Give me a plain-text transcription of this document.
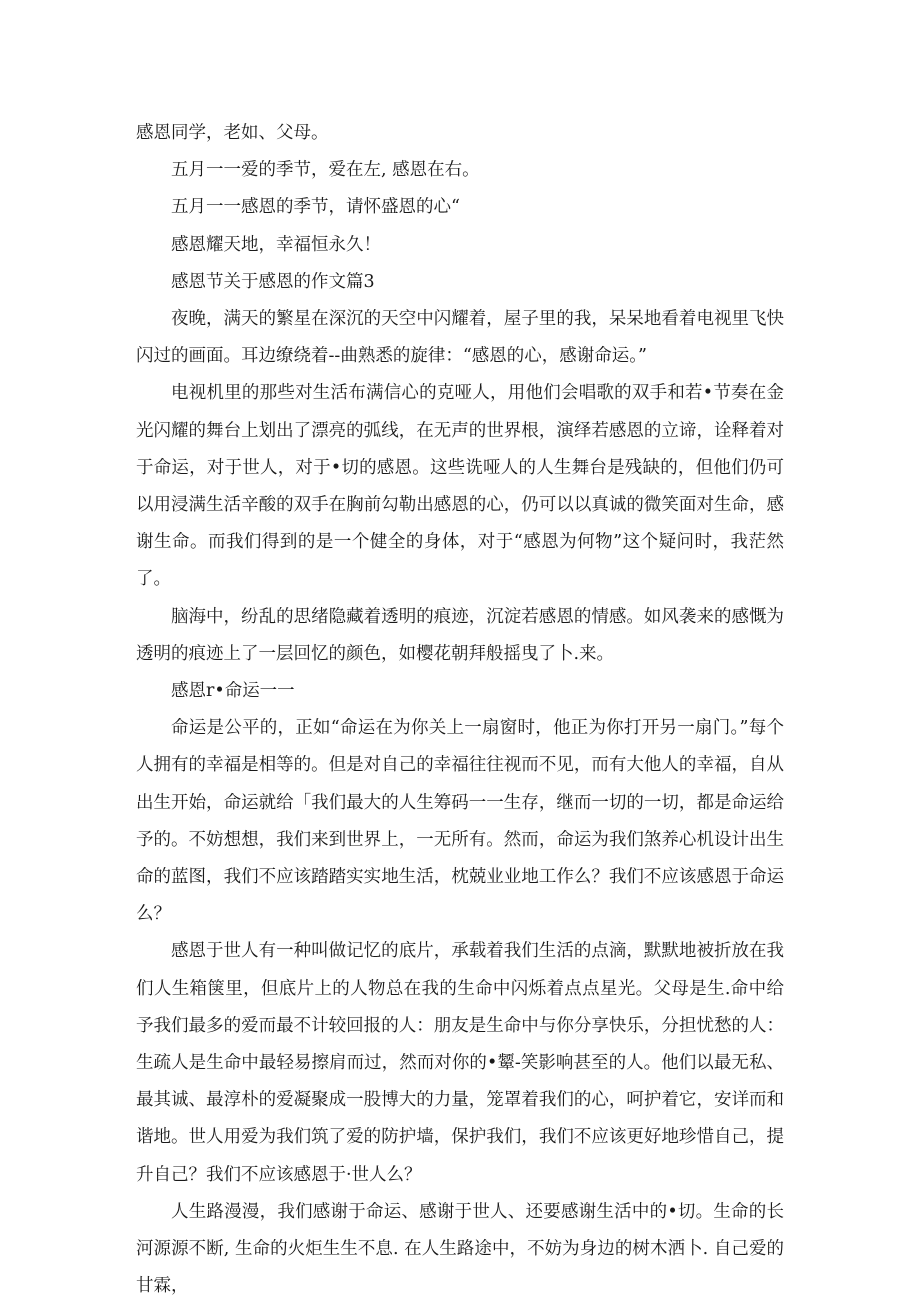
感恩同学，老如、父母。

五月一一爱的季节，爱在左, 感恩在右。

五月一一感恩的季节，请怀盛恩的心“

感恩耀天地，幸福恒永久！

感恩节关于感恩的作文篇3

夜晚，满天的繁星在深沉的天空中闪耀着，屋子里的我，呆呆地看着电视里飞快闪过的画面。耳边缭绕着--曲熟悉的旋律：“感恩的心，感谢命运。”

电视机里的那些对生活布满信心的克哑人，用他们会唱歌的双手和若•节奏在金光闪耀的舞台上划出了漂亮的弧线，在无声的世界根，演绎若感恩的立谛，诠释着对于命运，对于世人，对于•切的感恩。这些诜哑人的人生舞台是残缺的，但他们仍可以用浸满生活辛酸的双手在胸前勾勒出感恩的心，仍可以以真诚的微笑面对生命，感谢生命。而我们得到的是一个健全的身体，对于“感恩为何物”这个疑问时，我茫然了。

脑海中，纷乱的思绪隐藏着透明的痕迹，沉淀若感恩的情感。如风袭来的感慨为透明的痕迹上了一层回忆的颜色，如樱花朝拜般摇曳了卜.来。

感恩r•命运一一

命运是公平的，正如“命运在为你关上一扇窗时，他正为你打开另一扇门。”每个人拥有的幸福是相等的。但是对自己的幸福往往视而不见，而有大他人的幸福，自从出生开始，命运就给「我们最大的人生筹码一一生存，继而一切的一切，都是命运给予的。不妨想想，我们来到世界上，一无所有。然而，命运为我们煞养心机设计出生命的蓝图，我们不应该踏踏实实地生活，枕兢业业地工作么？我们不应该感恩于命运么？

感恩于世人有一种叫做记忆的底片，承载着我们生活的点滴，默默地被折放在我们人生箱箧里，但底片上的人物总在我的生命中闪烁着点点星光。父母是生.命中给予我们最多的爱而最不计较回报的人：朋友是生命中与你分享快乐，分担忧愁的人：生疏人是生命中最轻易擦肩而过，然而对你的•颦-笑影响甚至的人。他们以最无私、最其诚、最淳朴的爱凝聚成一股博大的力量，笼罩着我们的心，呵护着它，安详而和谐地。世人用爱为我们筑了爱的防护墙，保护我们，我们不应该更好地珍惜自己，提升自己？我们不应该感恩于·世人么？

人生路漫漫，我们感谢于命运、感谢于世人、还要感谢生活中的•切。生命的长河源源不断, 生命的火炬生生不息. 在人生路途中，不妨为身边的树木洒卜. 自己爱的甘霖，
